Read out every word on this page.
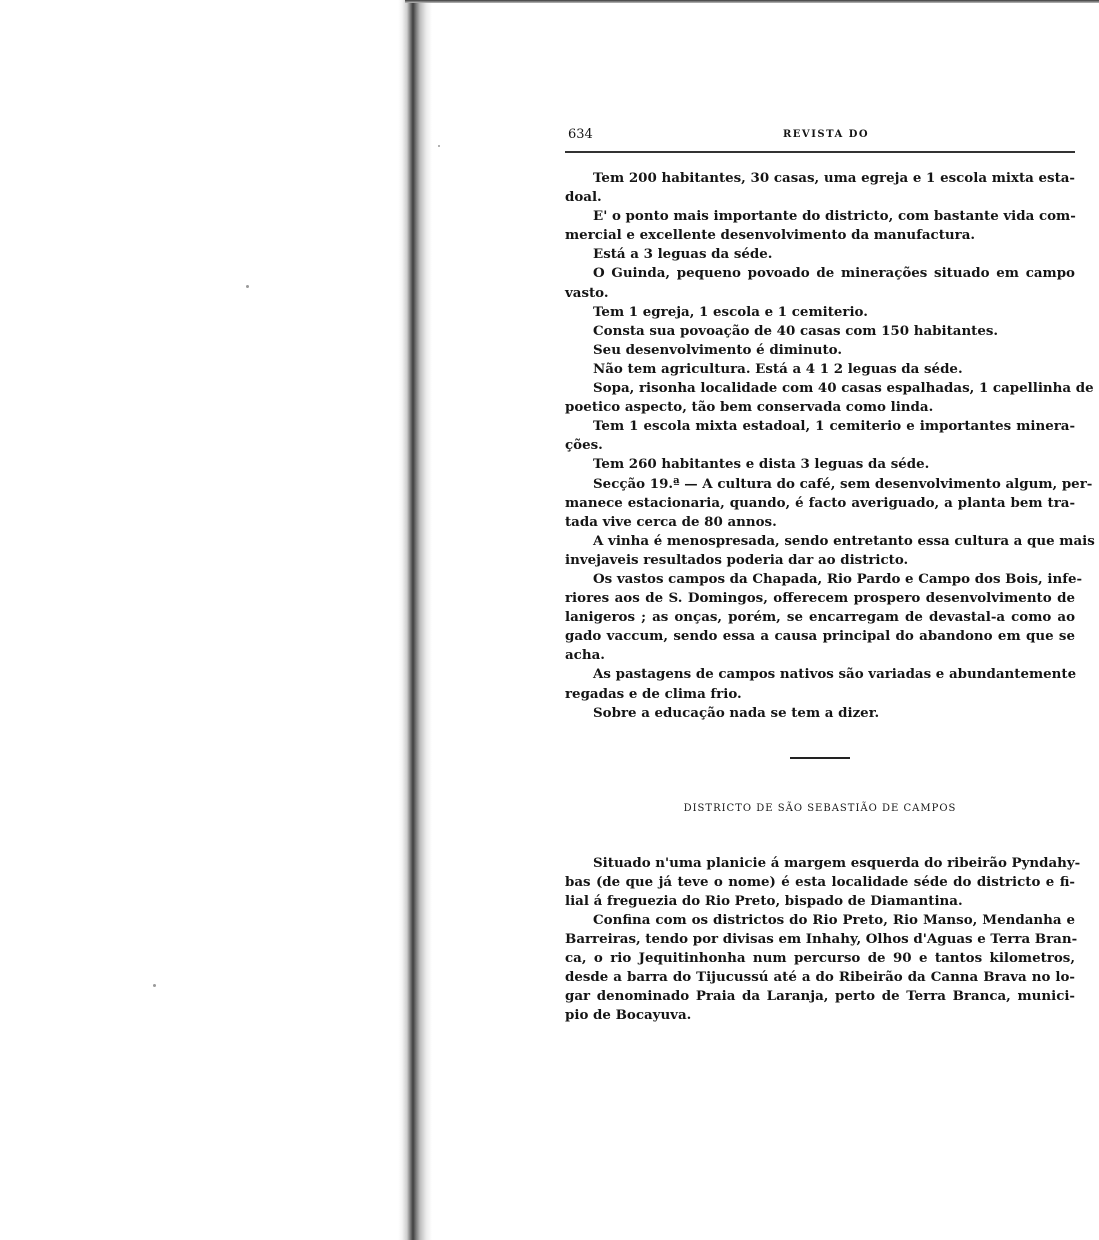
634	REVISTA DO
Tem 200 habitantes, 30 casas, uma egreja e 1 escola mixta esta-
doal.
E' o ponto mais importante do districto, com bastante vida com-
mercial e excellente desenvolvimento da manufactura.
Está a 3 leguas da séde.
O Guinda, pequeno povoado de minerações situado em campo
vasto.
Tem 1 egreja, 1 escola e 1 cemiterio.
Consta sua povoação de 40 casas com 150 habitantes.
Seu desenvolvimento é diminuto.
Não tem agricultura. Está a 4 1 2 leguas da séde.
Sopa, risonha localidade com 40 casas espalhadas, 1 capellinha de
poetico aspecto, tão bem conservada como linda.
Tem 1 escola mixta estadoal, 1 cemiterio e importantes minera-
ções.
Tem 260 habitantes e dista 3 leguas da séde.
Secção 19.ª — A cultura do café, sem desenvolvimento algum, per-
manece estacionaria, quando, é facto averiguado, a planta bem tra-
tada vive cerca de 80 annos.
A vinha é menospresada, sendo entretanto essa cultura a que mais
invejaveis resultados poderia dar ao districto.
Os vastos campos da Chapada, Rio Pardo e Campo dos Bois, infe-
riores aos de S. Domingos, offerecem prospero desenvolvimento de
lanigeros ; as onças, porém, se encarregam de devastal-a como ao
gado vaccum, sendo essa a causa principal do abandono em que se
acha.
As pastagens de campos nativos são variadas e abundantemente
regadas e de clima frio.
Sobre a educação nada se tem a dizer.
DISTRICTO DE SÃO SEBASTIÃO DE CAMPOS
Situado n'uma planicie á margem esquerda do ribeirão Pyndahy-
bas (de que já teve o nome) é esta localidade séde do districto e fi-
lial á freguezia do Rio Preto, bispado de Diamantina.
Confina com os districtos do Rio Preto, Rio Manso, Mendanha e
Barreiras, tendo por divisas em Inhahy, Olhos d'Aguas e Terra Bran-
ca, o rio Jequitinhonha num percurso de 90 e tantos kilometros,
desde a barra do Tijucussú até a do Ribeirão da Canna Brava no lo-
gar denominado Praia da Laranja, perto de Terra Branca, munici-
pio de Bocayuva.
